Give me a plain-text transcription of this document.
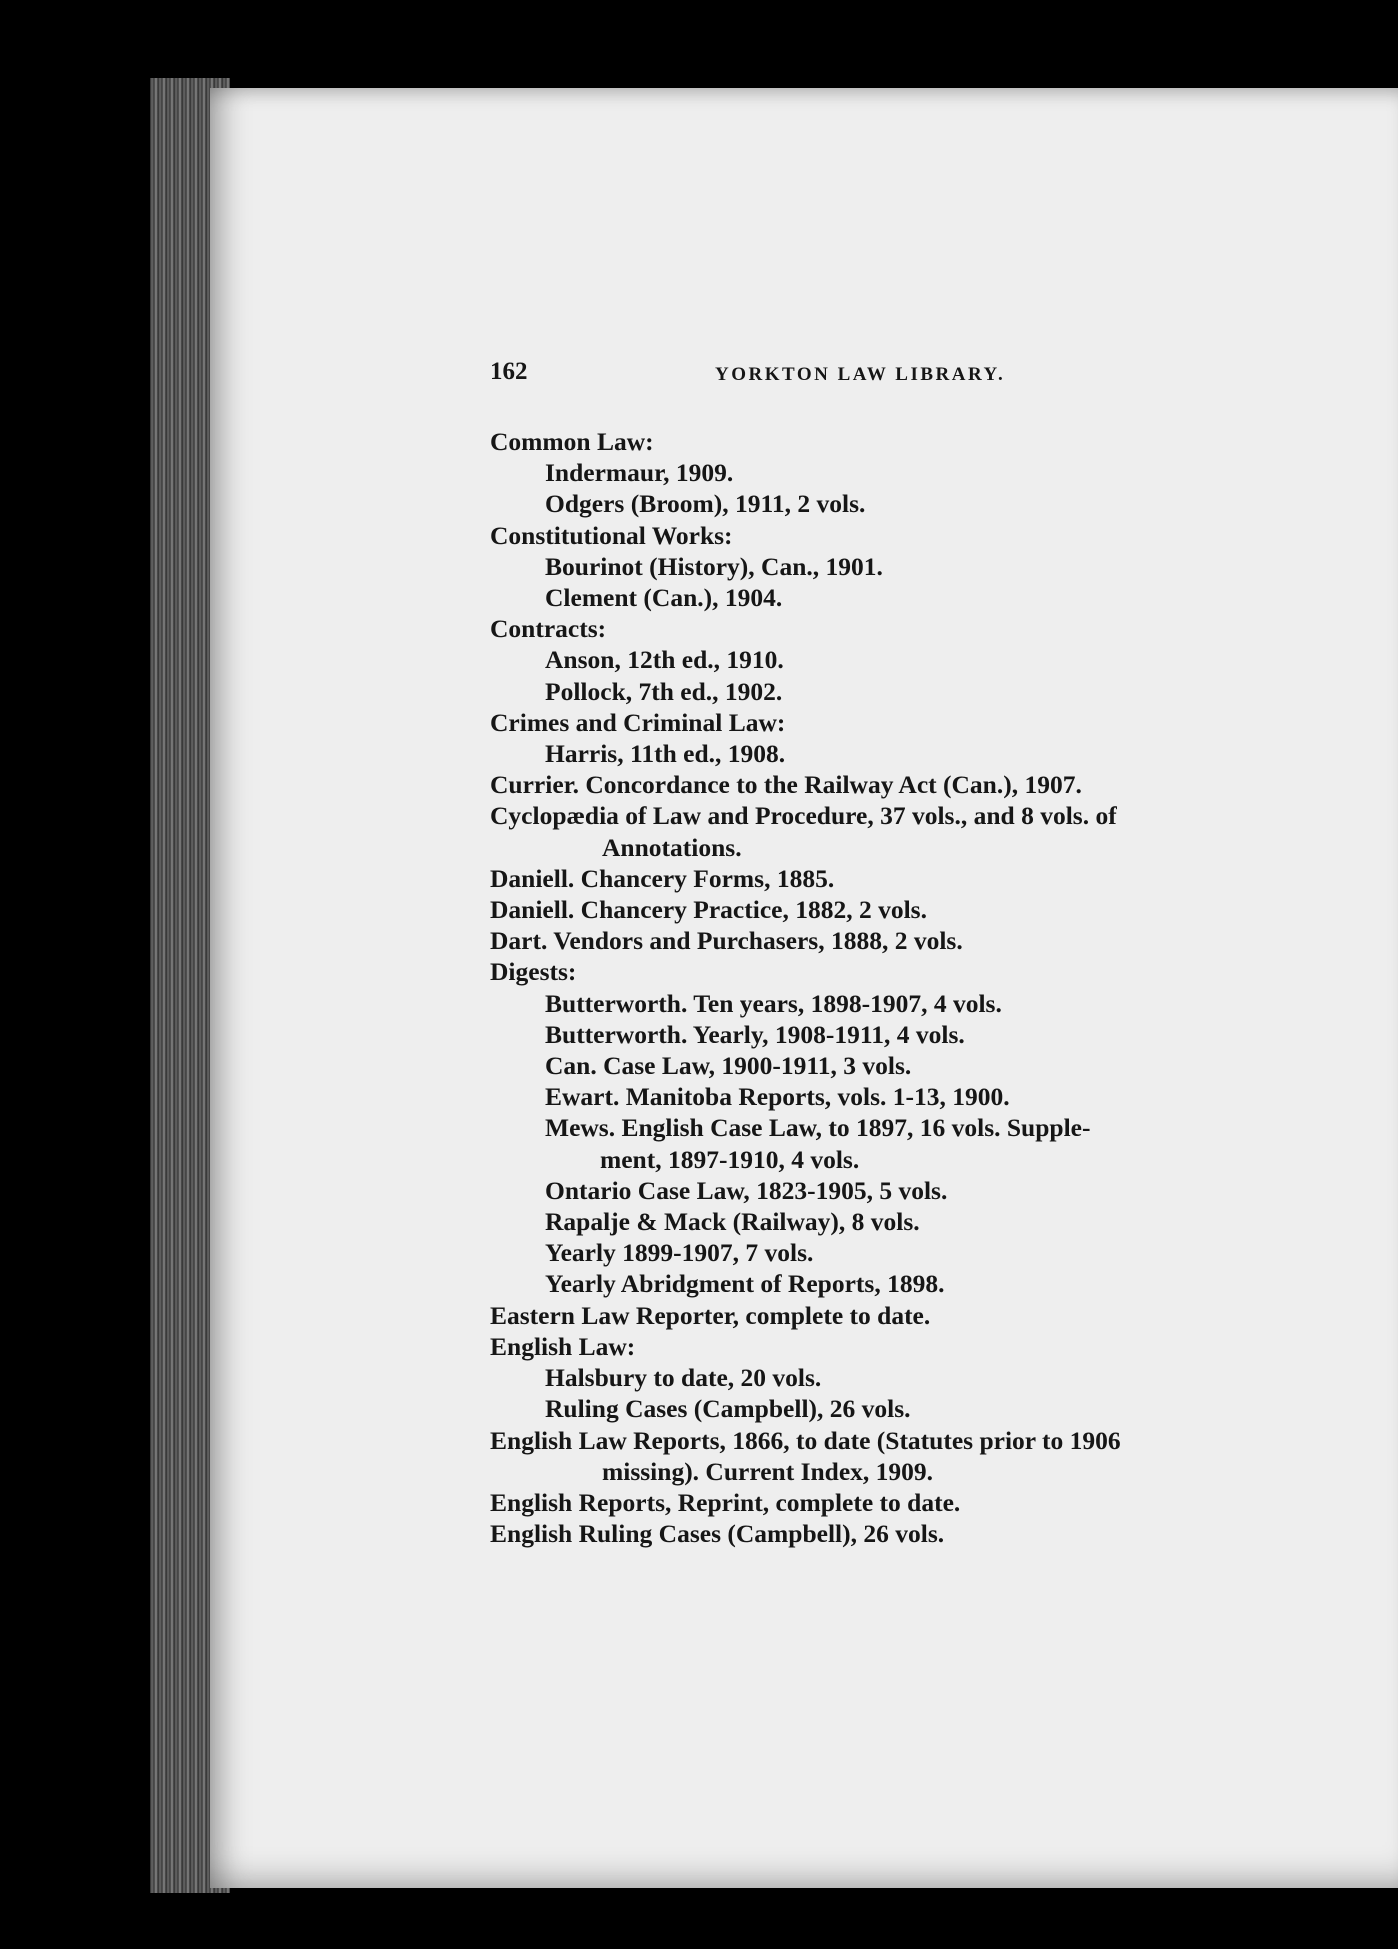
162	YORKTON LAW LIBRARY.
Common Law:
Indermaur, 1909.
Odgers (Broom), 1911, 2 vols.
Constitutional Works:
Bourinot (History), Can., 1901.
Clement (Can.), 1904.
Contracts:
Anson, 12th ed., 1910.
Pollock, 7th ed., 1902.
Crimes and Criminal Law:
Harris, 11th ed., 1908.
Currier. Concordance to the Railway Act (Can.), 1907.
Cyclopædia of Law and Procedure, 37 vols., and 8 vols. of
Annotations.
Daniell. Chancery Forms, 1885.
Daniell. Chancery Practice, 1882, 2 vols.
Dart. Vendors and Purchasers, 1888, 2 vols.
Digests:
Butterworth. Ten years, 1898-1907, 4 vols.
Butterworth. Yearly, 1908-1911, 4 vols.
Can. Case Law, 1900-1911, 3 vols.
Ewart. Manitoba Reports, vols. 1-13, 1900.
Mews. English Case Law, to 1897, 16 vols. Supple-
ment, 1897-1910, 4 vols.
Ontario Case Law, 1823-1905, 5 vols.
Rapalje & Mack (Railway), 8 vols.
Yearly 1899-1907, 7 vols.
Yearly Abridgment of Reports, 1898.
Eastern Law Reporter, complete to date.
English Law:
Halsbury to date, 20 vols.
Ruling Cases (Campbell), 26 vols.
English Law Reports, 1866, to date (Statutes prior to 1906
missing). Current Index, 1909.
English Reports, Reprint, complete to date.
English Ruling Cases (Campbell), 26 vols.
